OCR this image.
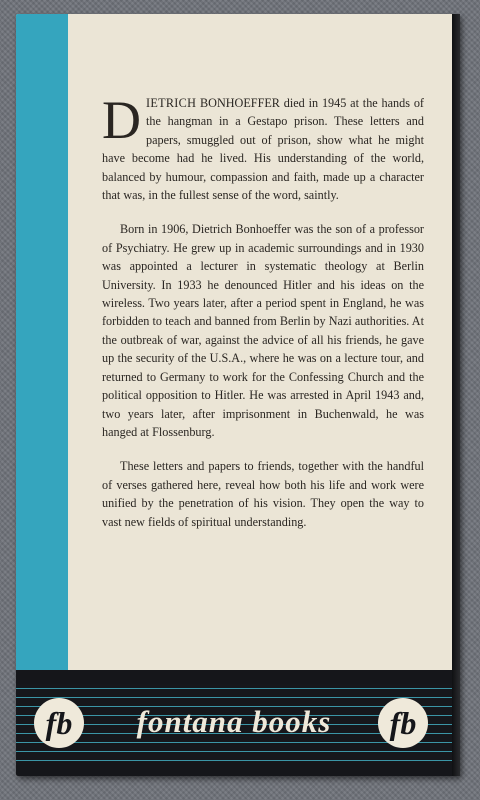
DIETRICH BONHOEFFER died in 1945 at the hands of the hangman in a Gestapo prison. These letters and papers, smuggled out of prison, show what he might have become had he lived. His understanding of the world, balanced by humour, compassion and faith, made up a character that was, in the fullest sense of the word, saintly.

Born in 1906, Dietrich Bonhoeffer was the son of a professor of Psychiatry. He grew up in academic surroundings and in 1930 was appointed a lecturer in systematic theology at Berlin University. In 1933 he denounced Hitler and his ideas on the wireless. Two years later, after a period spent in England, he was forbidden to teach and banned from Berlin by Nazi authorities. At the outbreak of war, against the advice of all his friends, he gave up the security of the U.S.A., where he was on a lecture tour, and returned to Germany to work for the Confessing Church and the political opposition to Hitler. He was arrested in April 1943 and, two years later, after imprisonment in Buchenwald, he was hanged at Flossenburg.

These letters and papers to friends, together with the handful of verses gathered here, reveal how both his life and work were unified by the penetration of his vision. They open the way to vast new fields of spiritual understanding.

fb	fontana books	fb
